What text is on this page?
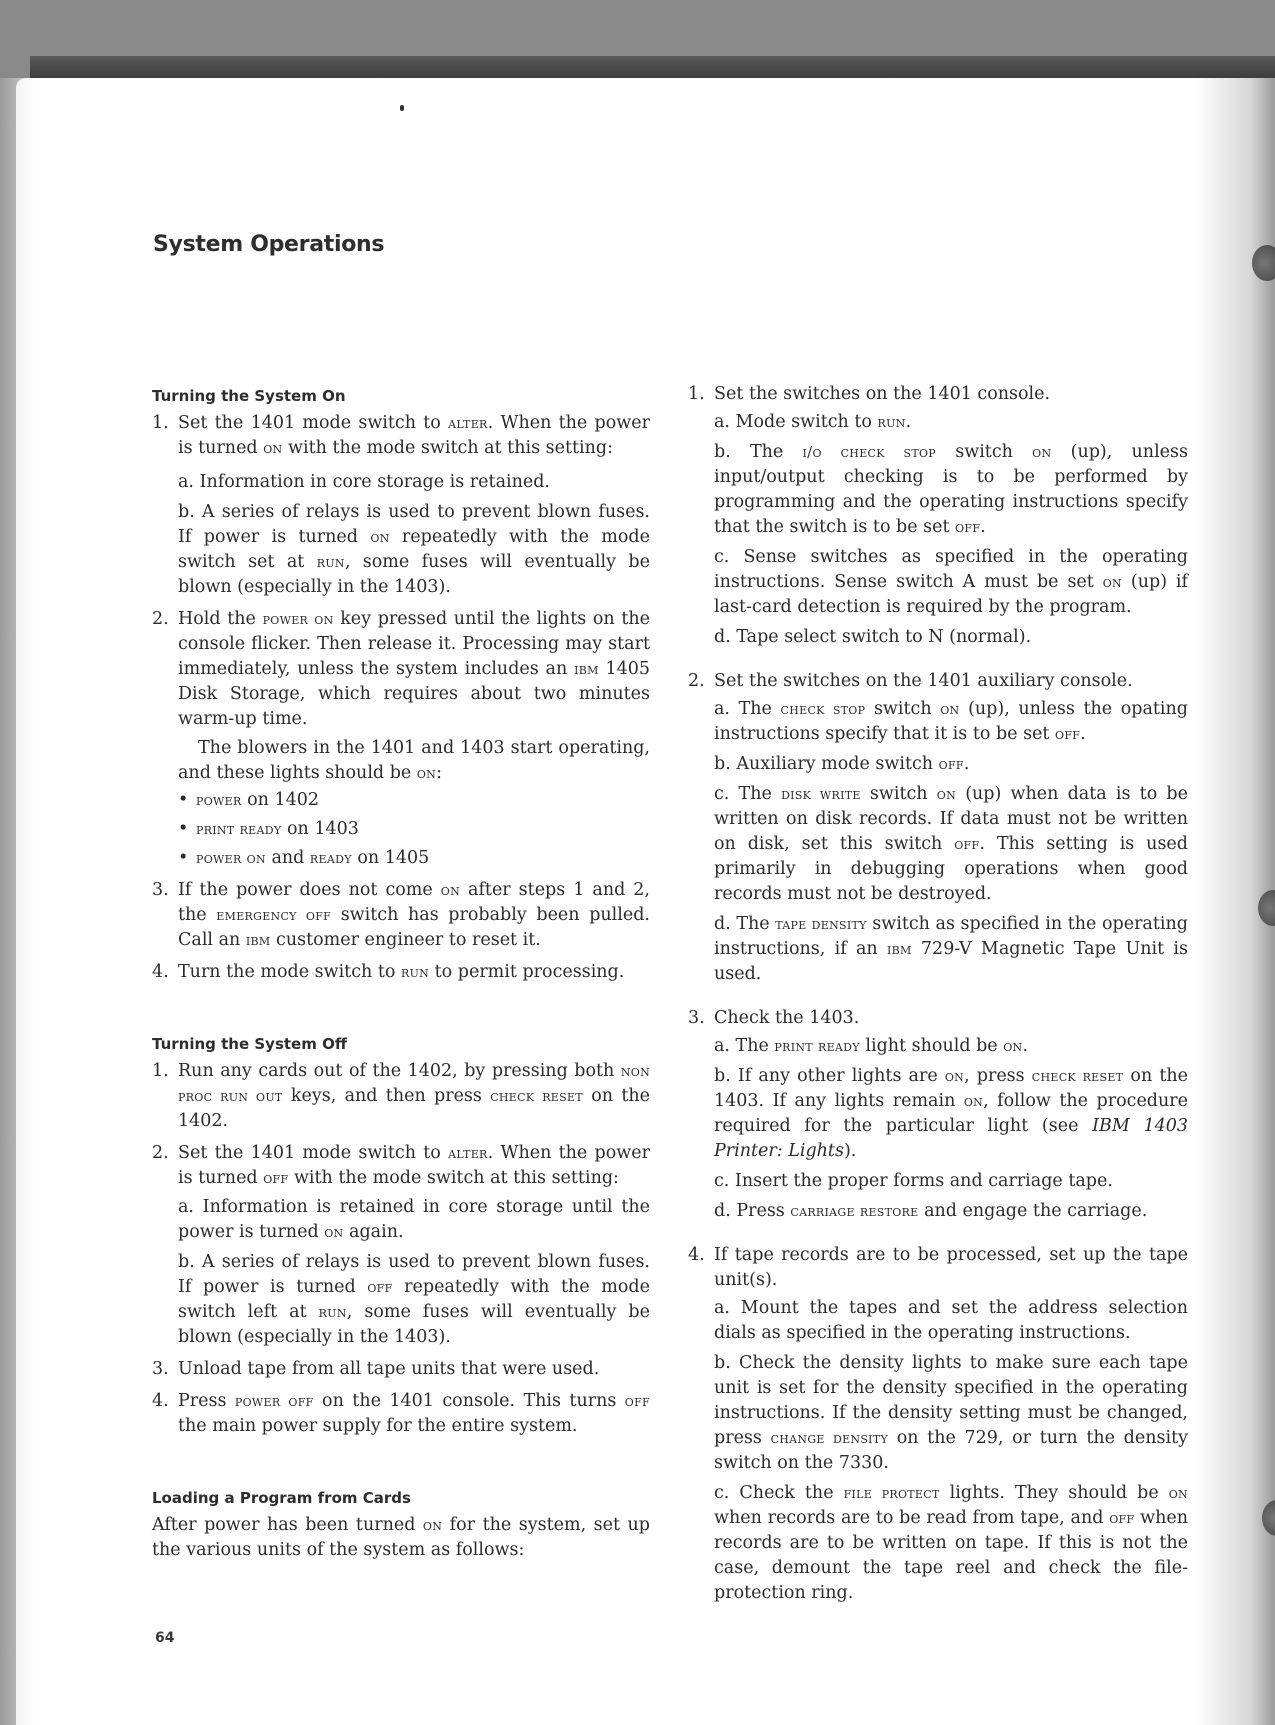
System Operations
Turning the System On
1. Set the 1401 mode switch to alter. When the power is turned on with the mode switch at this setting:
a. Information in core storage is retained.
b. A series of relays is used to prevent blown fuses. If power is turned on repeatedly with the mode switch set at run, some fuses will eventually be blown (especially in the 1403).
2. Hold the power on key pressed until the lights on the console flicker. Then release it. Processing may start immediately, unless the system includes an ibm 1405 Disk Storage, which requires about two minutes warm-up time.
The blowers in the 1401 and 1403 start operating, and these lights should be on:
• power on 1402
• print ready on 1403
• power on and ready on 1405
3. If the power does not come on after steps 1 and 2, the emergency off switch has probably been pulled. Call an ibm customer engineer to reset it.
4. Turn the mode switch to run to permit processing.
Turning the System Off
1. Run any cards out of the 1402, by pressing both non proc run out keys, and then press check reset on the 1402.
2. Set the 1401 mode switch to alter. When the power is turned off with the mode switch at this setting:
a. Information is retained in core storage until the power is turned on again.
b. A series of relays is used to prevent blown fuses. If power is turned off repeatedly with the mode switch left at run, some fuses will eventually be blown (especially in the 1403).
3. Unload tape from all tape units that were used.
4. Press power off on the 1401 console. This turns off the main power supply for the entire system.
Loading a Program from Cards
After power has been turned on for the system, set up the various units of the system as follows:
1. Set the switches on the 1401 console.
a. Mode switch to run.
b. The i/o check stop switch on (up), unless input/output checking is to be performed by programming and the operating instructions specify that the switch is to be set off.
c. Sense switches as specified in the operating instructions. Sense switch A must be set on (up) if last-card detection is required by the program.
d. Tape select switch to N (normal).
2. Set the switches on the 1401 auxiliary console.
a. The check stop switch on (up), unless the opating instructions specify that it is to be set off.
b. Auxiliary mode switch off.
c. The disk write switch on (up) when data is to be written on disk records. If data must not be written on disk, set this switch off. This setting is used primarily in debugging operations when good records must not be destroyed.
d. The tape density switch as specified in the operating instructions, if an ibm 729-V Magnetic Tape Unit is used.
3. Check the 1403.
a. The print ready light should be on.
b. If any other lights are on, press check reset on the 1403. If any lights remain on, follow the procedure required for the particular light (see IBM 1403 Printer: Lights).
c. Insert the proper forms and carriage tape.
d. Press carriage restore and engage the carriage.
4. If tape records are to be processed, set up the tape unit(s).
a. Mount the tapes and set the address selection dials as specified in the operating instructions.
b. Check the density lights to make sure each tape unit is set for the density specified in the operating instructions. If the density setting must be changed, press change density on the 729, or turn the density switch on the 7330.
c. Check the file protect lights. They should be on when records are to be read from tape, and off when records are to be written on tape. If this is not the case, demount the tape reel and check the file-protection ring.
64
